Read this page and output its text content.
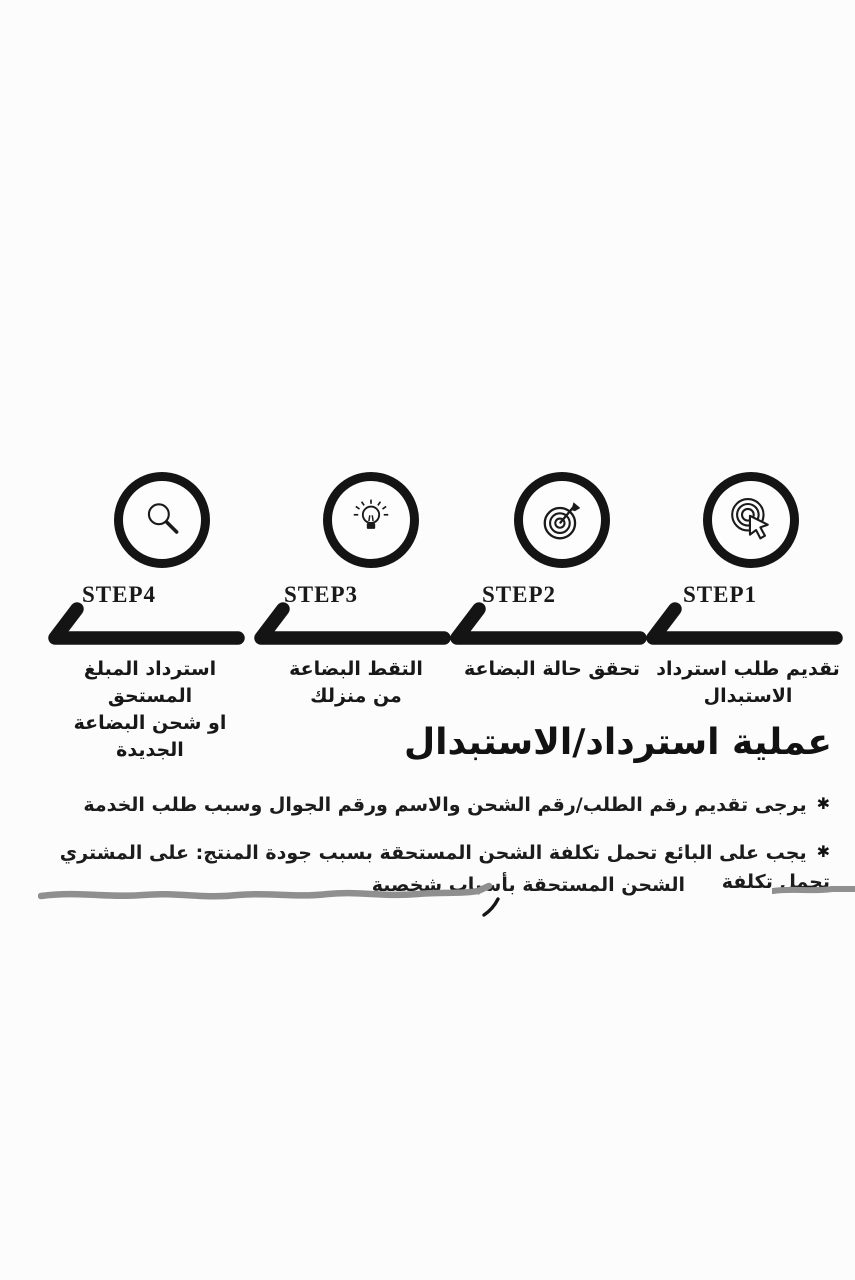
STEP1
تقديم طلب استرداد
الاستبدال
STEP2
تحقق حالة البضاعة
STEP3
التقط البضاعة
من منزلك
STEP4
استرداد المبلغ المستحق
او شحن البضاعة الجديدة	عملية استرداد/الاستبدال
✱يرجى تقديم رقم الطلب/رقم الشحن والاسم ورقم الجوال وسبب طلب الخدمة
✱يجب على البائع تحمل تكلفة الشحن المستحقة بسبب جودة المنتج: على المشتري تحمل تكلفة
الشحن المستحقة بأسباب شخصية
